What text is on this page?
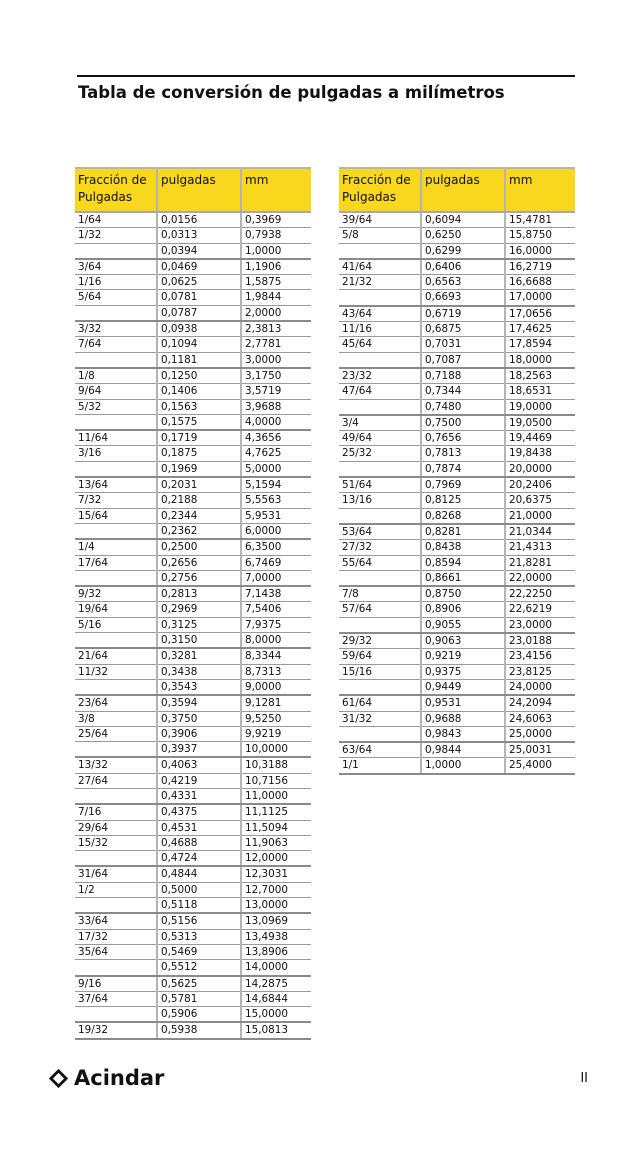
Tabla de conversión de pulgadas a milímetros
Fracción de Pulgadas	pulgadas	mm
1/64	0,0156	0,3969
1/32	0,0313	0,7938
	0,0394	1,0000
3/64	0,0469	1,1906
1/16	0,0625	1,5875
5/64	0,0781	1,9844
	0,0787	2,0000
3/32	0,0938	2,3813
7/64	0,1094	2,7781
	0,1181	3,0000
1/8	0,1250	3,1750
9/64	0,1406	3,5719
5/32	0,1563	3,9688
	0,1575	4,0000
11/64	0,1719	4,3656
3/16	0,1875	4,7625
	0,1969	5,0000
13/64	0,2031	5,1594
7/32	0,2188	5,5563
15/64	0,2344	5,9531
	0,2362	6,0000
1/4	0,2500	6,3500
17/64	0,2656	6,7469
	0,2756	7,0000
9/32	0,2813	7,1438
19/64	0,2969	7,5406
5/16	0,3125	7,9375
	0,3150	8,0000
21/64	0,3281	8,3344
11/32	0,3438	8,7313
	0,3543	9,0000
23/64	0,3594	9,1281
3/8	0,3750	9,5250
25/64	0,3906	9,9219
	0,3937	10,0000
13/32	0,4063	10,3188
27/64	0,4219	10,7156
	0,4331	11,0000
7/16	0,4375	11,1125
29/64	0,4531	11,5094
15/32	0,4688	11,9063
	0,4724	12,0000
31/64	0,4844	12,3031
1/2	0,5000	12,7000
	0,5118	13,0000
33/64	0,5156	13,0969
17/32	0,5313	13,4938
35/64	0,5469	13,8906
	0,5512	14,0000
9/16	0,5625	14,2875
37/64	0,5781	14,6844
	0,5906	15,0000
19/32	0,5938	15,0813
Fracción de Pulgadas	pulgadas	mm
39/64	0,6094	15,4781
5/8	0,6250	15,8750
	0,6299	16,0000
41/64	0,6406	16,2719
21/32	0,6563	16,6688
	0,6693	17,0000
43/64	0,6719	17,0656
11/16	0,6875	17,4625
45/64	0,7031	17,8594
	0,7087	18,0000
23/32	0,7188	18,2563
47/64	0,7344	18,6531
	0,7480	19,0000
3/4	0,7500	19,0500
49/64	0,7656	19,4469
25/32	0,7813	19,8438
	0,7874	20,0000
51/64	0,7969	20,2406
13/16	0,8125	20,6375
	0,8268	21,0000
53/64	0,8281	21,0344
27/32	0,8438	21,4313
55/64	0,8594	21,8281
	0,8661	22,0000
7/8	0,8750	22,2250
57/64	0,8906	22,6219
	0,9055	23,0000
29/32	0,9063	23,0188
59/64	0,9219	23,4156
15/16	0,9375	23,8125
	0,9449	24,0000
61/64	0,9531	24,2094
31/32	0,9688	24,6063
	0,9843	25,0000
63/64	0,9844	25,0031
1/1	1,0000	25,4000
Acindar	II
